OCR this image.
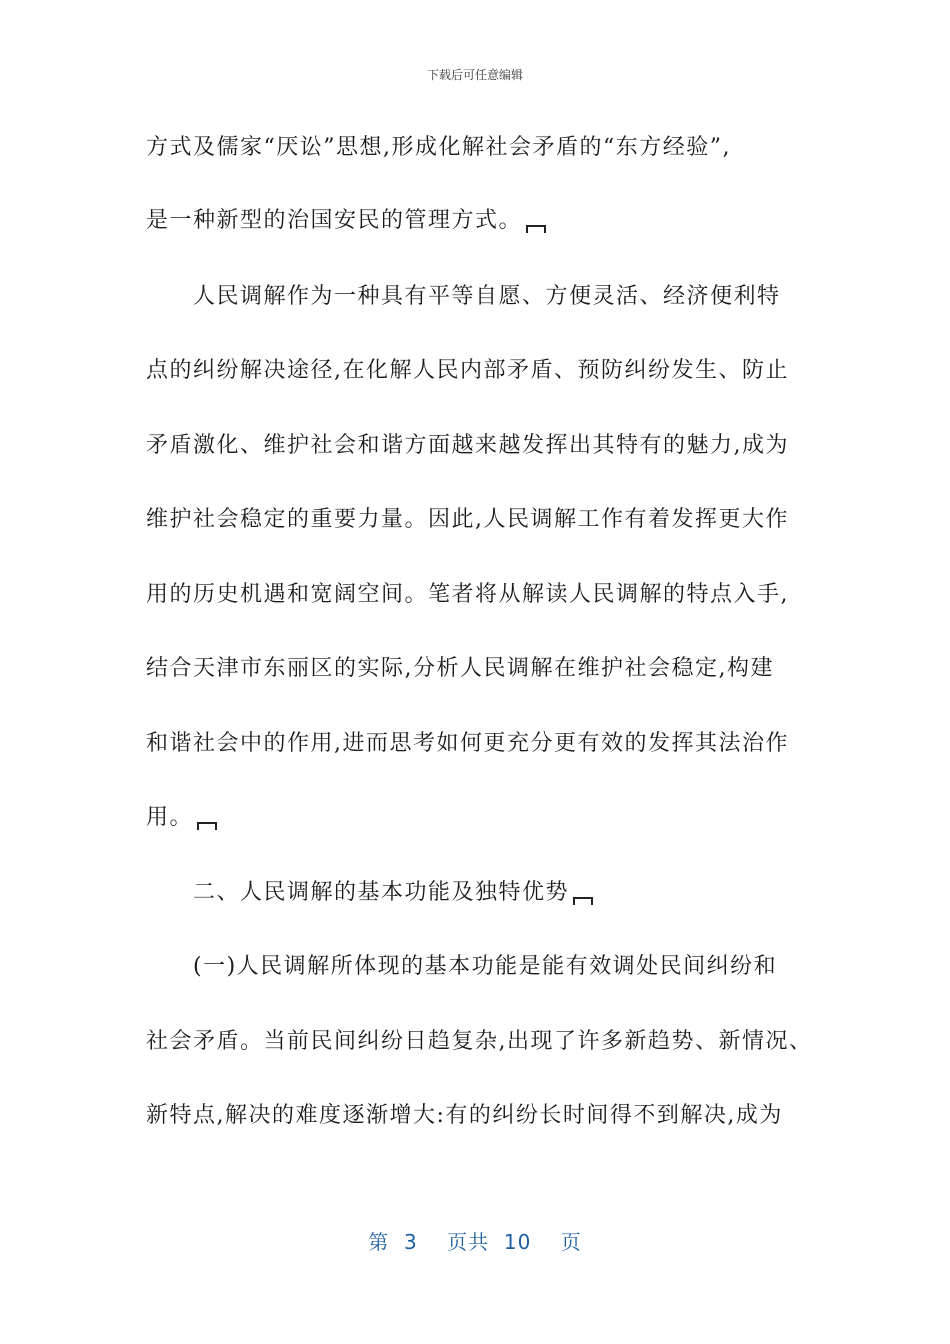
下载后可任意编辑
方式及儒家“厌讼”思想,形成化解社会矛盾的“东方经验”,
是一种新型的治国安民的管理方式。
人民调解作为一种具有平等自愿、方便灵活、经济便利特
点的纠纷解决途径,在化解人民内部矛盾、预防纠纷发生、防止
矛盾激化、维护社会和谐方面越来越发挥出其特有的魅力,成为
维护社会稳定的重要力量。因此,人民调解工作有着发挥更大作
用的历史机遇和宽阔空间。笔者将从解读人民调解的特点入手,
结合天津市东丽区的实际,分析人民调解在维护社会稳定,构建
和谐社会中的作用,进而思考如何更充分更有效的发挥其法治作
用。
二、人民调解的基本功能及独特优势
(一)人民调解所体现的基本功能是能有效调处民间纠纷和
社会矛盾。当前民间纠纷日趋复杂,出现了许多新趋势、新情况、
新特点,解决的难度逐渐增大:有的纠纷长时间得不到解决,成为
第 3 页共 10 页
